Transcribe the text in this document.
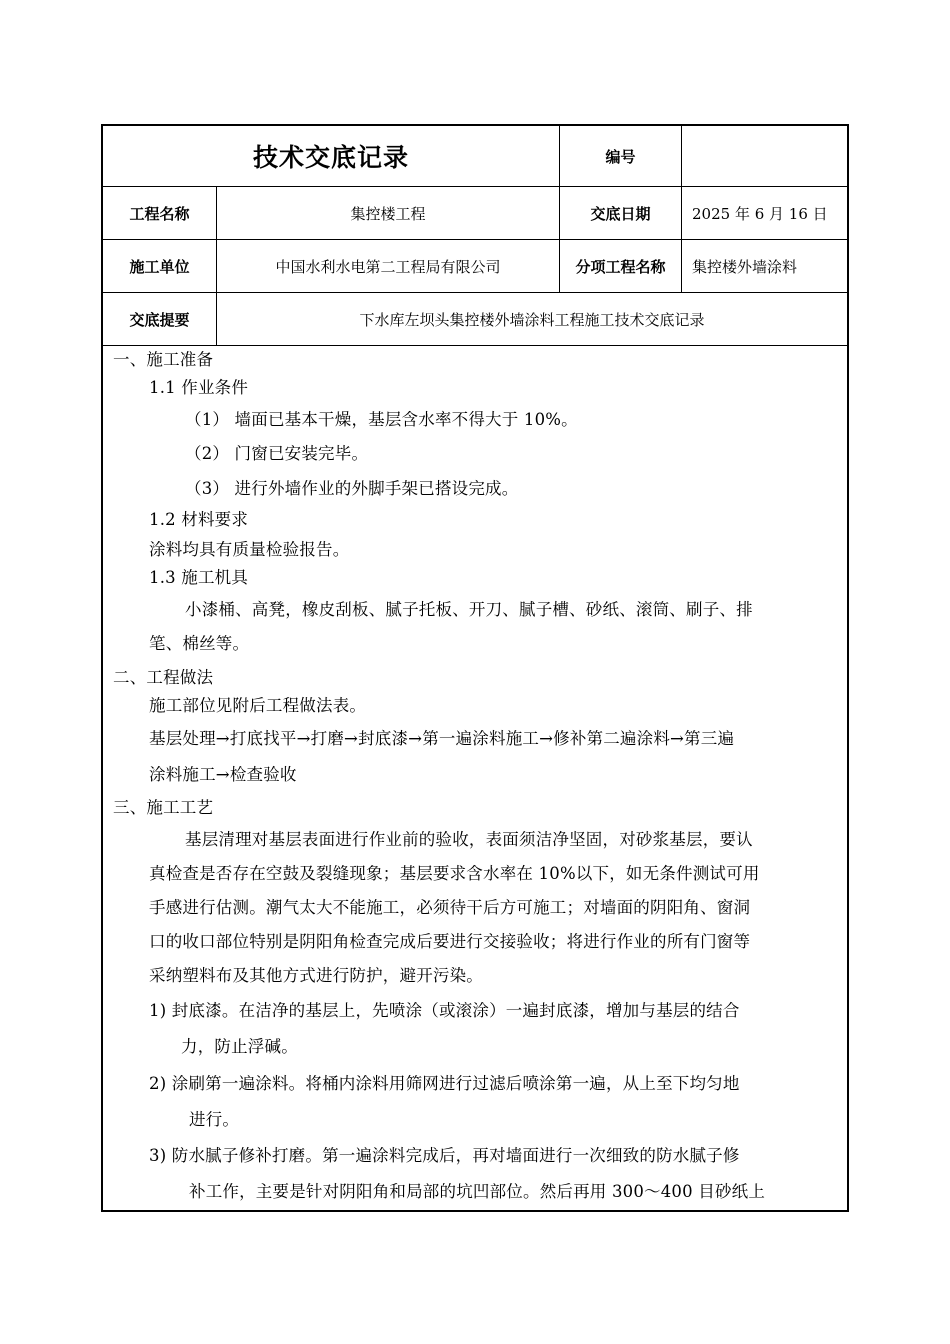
技术交底记录	编号
工程名称	集控楼工程	交底日期	2025 年 6 月 16 日
施工单位	中国水利水电第二工程局有限公司	分项工程名称	集控楼外墙涂料
交底提要	下水库左坝头集控楼外墙涂料工程施工技术交底记录
一、施工准备
1.1 作业条件
（1） 墙面已基本干燥，基层含水率不得大于 10%。
（2） 门窗已安装完毕。
（3） 进行外墙作业的外脚手架已搭设完成。
1.2 材料要求
涂料均具有质量检验报告。
1.3 施工机具
小漆桶、高凳，橡皮刮板、腻子托板、开刀、腻子槽、砂纸、滚筒、刷子、排
笔、棉丝等。
二、工程做法
施工部位见附后工程做法表。
基层处理→打底找平→打磨→封底漆→第一遍涂料施工→修补第二遍涂料→第三遍
涂料施工→检查验收
三、施工工艺
基层清理对基层表面进行作业前的验收，表面须洁净坚固，对砂浆基层，要认
真检查是否存在空鼓及裂缝现象；基层要求含水率在 10%以下，如无条件测试可用
手感进行估测。潮气太大不能施工，必须待干后方可施工；对墙面的阴阳角、窗洞
口的收口部位特别是阴阳角检查完成后要进行交接验收；将进行作业的所有门窗等
采纳塑料布及其他方式进行防护，避开污染。
1) 封底漆。在洁净的基层上，先喷涂（或滚涂）一遍封底漆，增加与基层的结合
力，防止浮碱。
2) 涂刷第一遍涂料。将桶内涂料用筛网进行过滤后喷涂第一遍，从上至下均匀地
进行。
3) 防水腻子修补打磨。第一遍涂料完成后，再对墙面进行一次细致的防水腻子修
补工作，主要是针对阴阳角和局部的坑凹部位。然后再用 300～400 目砂纸上
